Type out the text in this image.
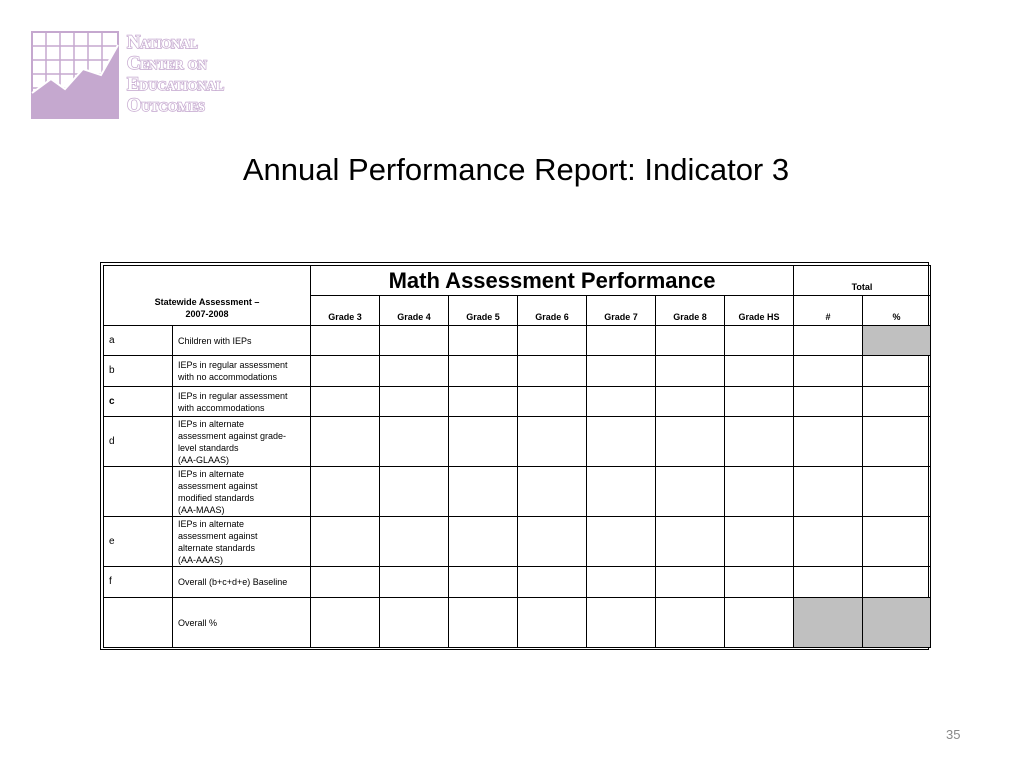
National
Center on
Educational
Outcomes
Annual Performance Report: Indicator 3
Statewide Assessment –
2007-2008		Math Assessment Performance							Total	
		Grade 3	Grade 4	Grade 5	Grade 6	Grade 7	Grade 8	Grade HS	#	%
a	Children with IEPs									

b	IEPs in regular assessment
with no accommodations									

c	IEPs in regular assessment
with accommodations									

d	IEPs in alternate
assessment against grade-
level standards
(AA-GLAAS)									

	IEPs in alternate
assessment against
modified standards
(AA-MAAS)									

e	IEPs in alternate
assessment against
alternate standards
(AA-AAAS)									

f	Overall (b+c+d+e) Baseline									

	Overall %									

35
